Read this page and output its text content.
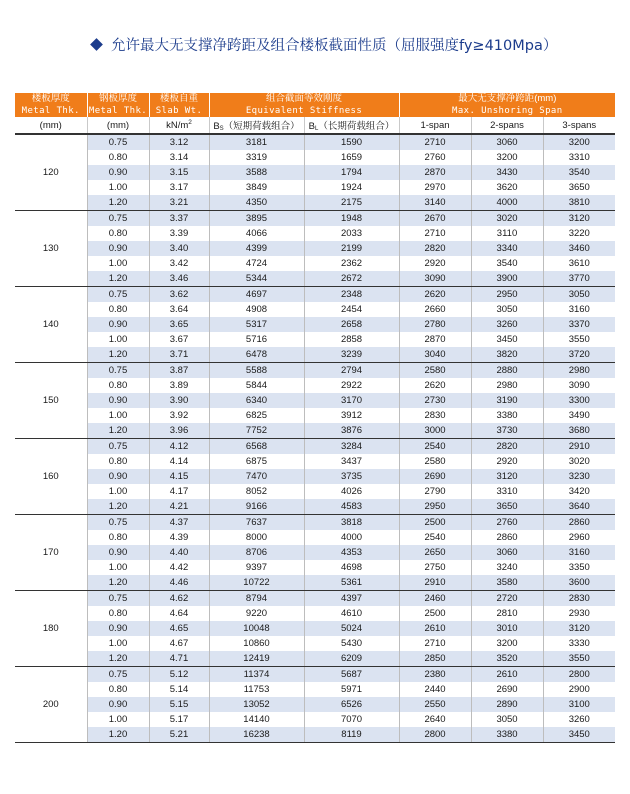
允许最大无支撑净跨距及组合楼板截面性质（屈服强度fy≥410Mpa）
楼板厚度	钢板厚度	楼板自重	组合截面等效刚度		最大无支撑净跨距(mm)		
Metal Thk.	Metal Thk.	Slab Wt.	Equivalent Stiffness		Max. Unshoring Span		
(mm)	(mm)	$kN/m^2$	$B_S$（短期荷载组合）	$B_L$（长期荷载组合）	1-span	2-spans	3-spans
120	0.75	3.12	3181	1590	2710	3060	3200
	0.80	3.14	3319	1659	2760	3200	3310
	0.90	3.15	3588	1794	2870	3430	3540
	1.00	3.17	3849	1924	2970	3620	3650
	1.20	3.21	4350	2175	3140	4000	3810
130	0.75	3.37	3895	1948	2670	3020	3120
	0.80	3.39	4066	2033	2710	3110	3220
	0.90	3.40	4399	2199	2820	3340	3460
	1.00	3.42	4724	2362	2920	3540	3610
	1.20	3.46	5344	2672	3090	3900	3770
140	0.75	3.62	4697	2348	2620	2950	3050
	0.80	3.64	4908	2454	2660	3050	3160
	0.90	3.65	5317	2658	2780	3260	3370
	1.00	3.67	5716	2858	2870	3450	3550
	1.20	3.71	6478	3239	3040	3820	3720
150	0.75	3.87	5588	2794	2580	2880	2980
	0.80	3.89	5844	2922	2620	2980	3090
	0.90	3.90	6340	3170	2730	3190	3300
	1.00	3.92	6825	3912	2830	3380	3490
	1.20	3.96	7752	3876	3000	3730	3680
160	0.75	4.12	6568	3284	2540	2820	2910
	0.80	4.14	6875	3437	2580	2920	3020
	0.90	4.15	7470	3735	2690	3120	3230
	1.00	4.17	8052	4026	2790	3310	3420
	1.20	4.21	9166	4583	2950	3650	3640
170	0.75	4.37	7637	3818	2500	2760	2860
	0.80	4.39	8000	4000	2540	2860	2960
	0.90	4.40	8706	4353	2650	3060	3160
	1.00	4.42	9397	4698	2750	3240	3350
	1.20	4.46	10722	5361	2910	3580	3600
180	0.75	4.62	8794	4397	2460	2720	2830
	0.80	4.64	9220	4610	2500	2810	2930
	0.90	4.65	10048	5024	2610	3010	3120
	1.00	4.67	10860	5430	2710	3200	3330
	1.20	4.71	12419	6209	2850	3520	3550
200	0.75	5.12	11374	5687	2380	2610	2800
	0.80	5.14	11753	5971	2440	2690	2900
	0.90	5.15	13052	6526	2550	2890	3100
	1.00	5.17	14140	7070	2640	3050	3260
	1.20	5.21	16238	8119	2800	3380	3450
